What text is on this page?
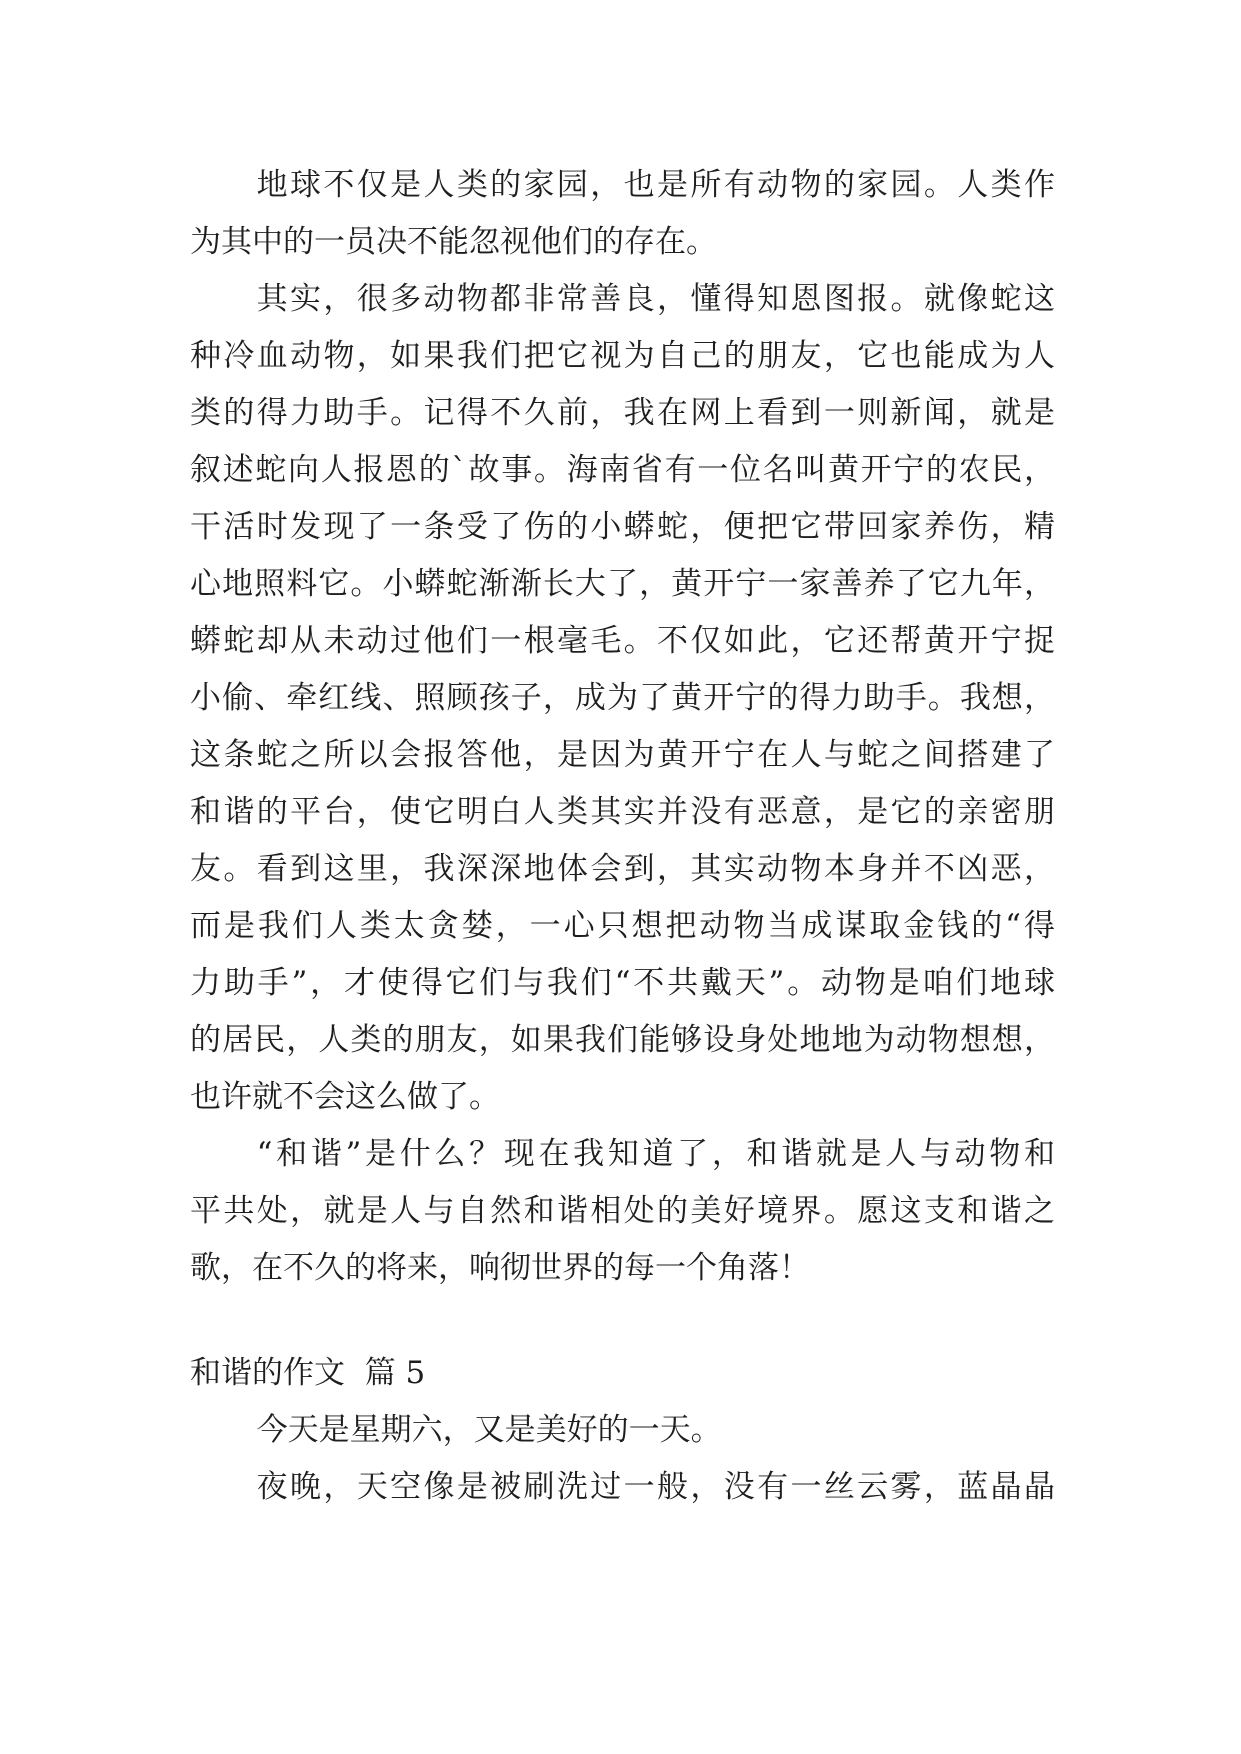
地球不仅是人类的家园，也是所有动物的家园。人类作
为其中的一员决不能忽视他们的存在。
其实，很多动物都非常善良，懂得知恩图报。就像蛇这
种冷血动物，如果我们把它视为自己的朋友，它也能成为人
类的得力助手。记得不久前，我在网上看到一则新闻，就是
叙述蛇向人报恩的`故事。海南省有一位名叫黄开宁的农民，
干活时发现了一条受了伤的小蟒蛇，便把它带回家养伤，精
心地照料它。小蟒蛇渐渐长大了，黄开宁一家善养了它九年，
蟒蛇却从未动过他们一根毫毛。不仅如此，它还帮黄开宁捉
小偷、牵红线、照顾孩子，成为了黄开宁的得力助手。我想，
这条蛇之所以会报答他，是因为黄开宁在人与蛇之间搭建了
和谐的平台，使它明白人类其实并没有恶意，是它的亲密朋
友。看到这里，我深深地体会到，其实动物本身并不凶恶，
而是我们人类太贪婪，一心只想把动物当成谋取金钱的“得
力助手”，才使得它们与我们“不共戴天”。动物是咱们地球
的居民，人类的朋友，如果我们能够设身处地地为动物想想，
也许就不会这么做了。
“和谐”是什么？现在我知道了，和谐就是人与动物和
平共处，就是人与自然和谐相处的美好境界。愿这支和谐之
歌，在不久的将来，响彻世界的每一个角落！
和谐的作文  篇 5
今天是星期六，又是美好的一天。
夜晚，天空像是被刷洗过一般，没有一丝云雾，蓝晶晶
